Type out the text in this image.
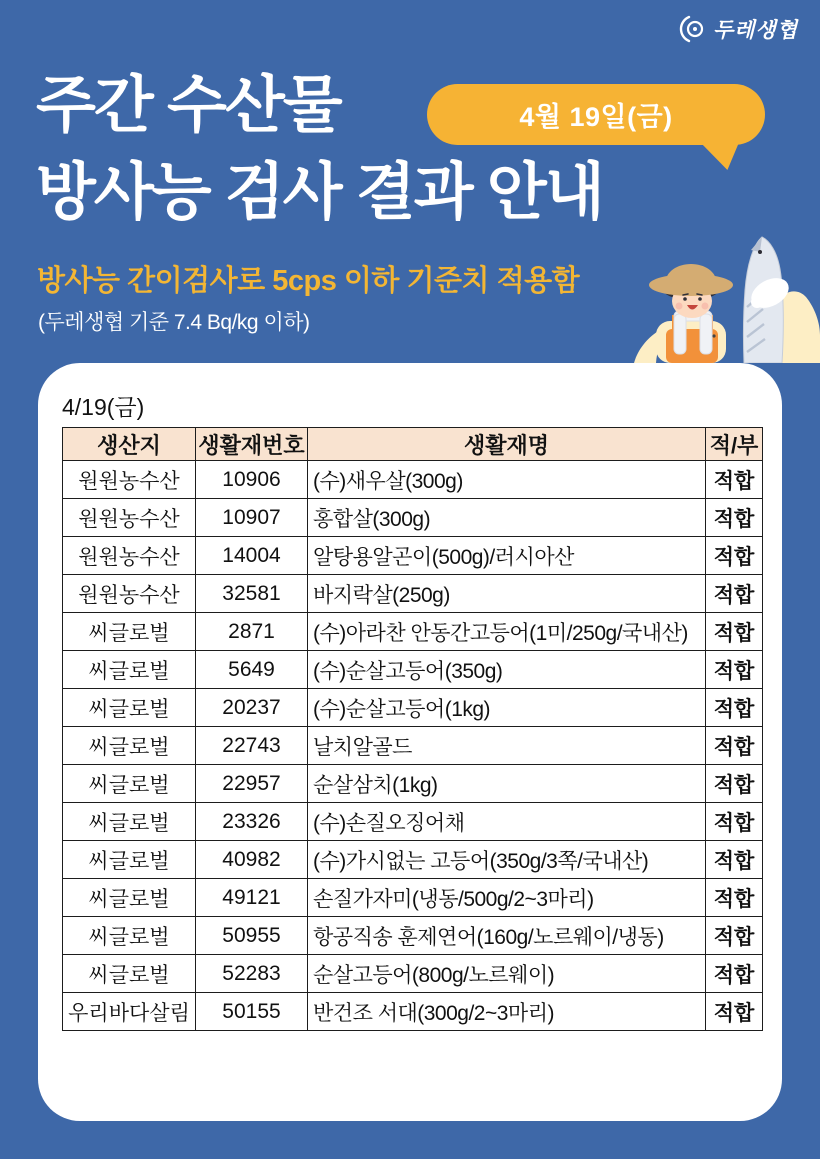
두레생협
주간 수산물
방사능 검사 결과 안내
4월 19일(금)
방사능 간이검사로 5cps 이하 기준치 적용함
(두레생협 기준 7.4 Bq/kg 이하)
4/19(금)
생산지	생활재번호	생활재명	적/부
원원농수산	10906	(수)새우살(300g)	적합
원원농수산	10907	홍합살(300g)	적합
원원농수산	14004	알탕용알곤이(500g)/러시아산	적합
원원농수산	32581	바지락살(250g)	적합
씨글로벌	2871	(수)아라찬 안동간고등어(1미/250g/국내산)	적합
씨글로벌	5649	(수)순살고등어(350g)	적합
씨글로벌	20237	(수)순살고등어(1kg)	적합
씨글로벌	22743	날치알골드	적합
씨글로벌	22957	순살삼치(1kg)	적합
씨글로벌	23326	(수)손질오징어채	적합
씨글로벌	40982	(수)가시없는 고등어(350g/3쪽/국내산)	적합
씨글로벌	49121	손질가자미(냉동/500g/2~3마리)	적합
씨글로벌	50955	항공직송 훈제연어(160g/노르웨이/냉동)	적합
씨글로벌	52283	순살고등어(800g/노르웨이)	적합
우리바다살림	50155	반건조 서대(300g/2~3마리)	적합
